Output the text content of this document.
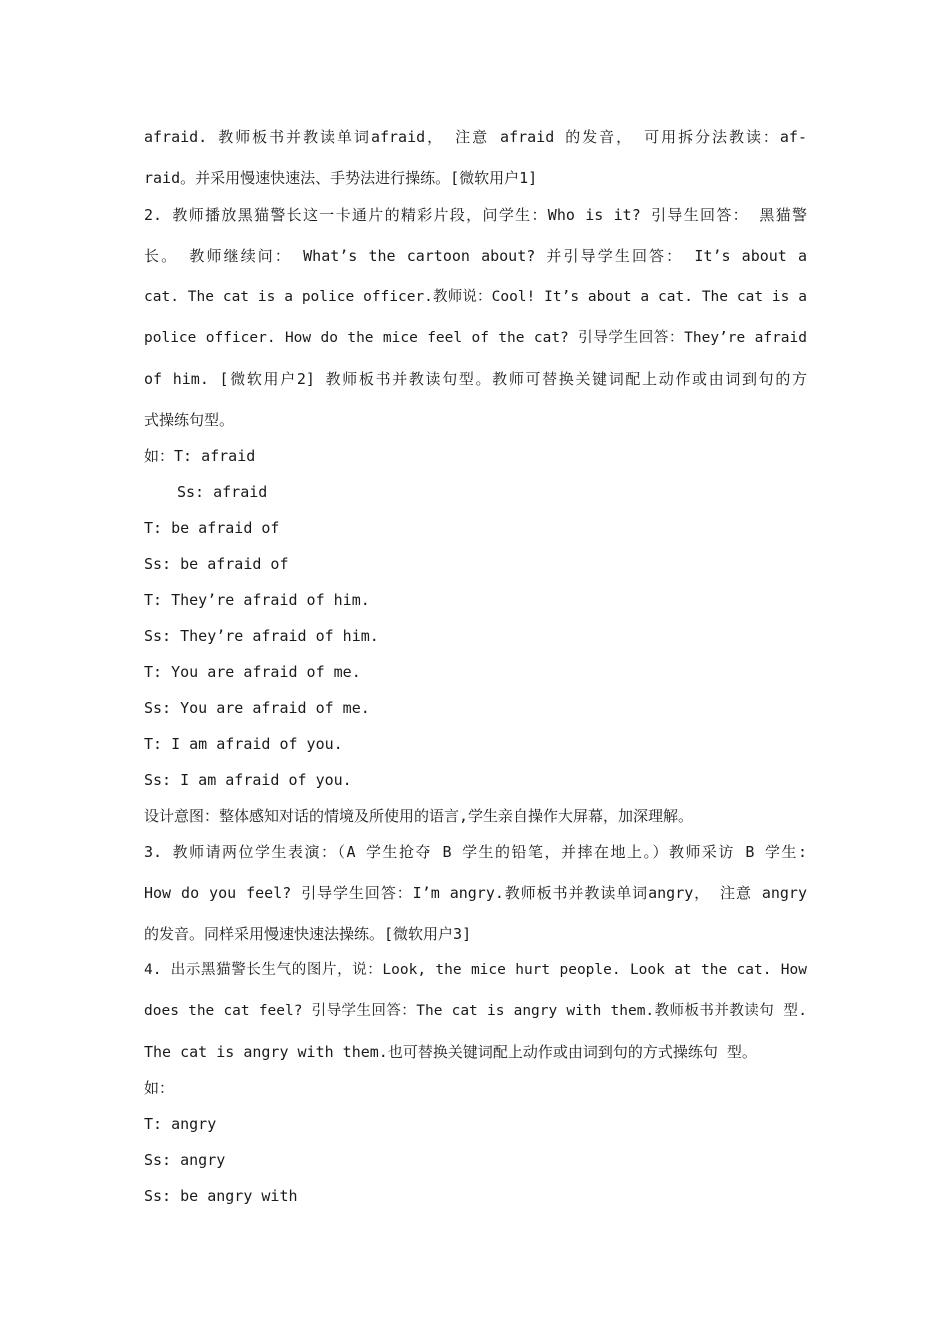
afraid. 教师板书并教读单词afraid， 注意 afraid 的发音， 可用拆分法教读：af-

raid。并采用慢速快速法、手势法进行操练。[微软用户1]

2. 教师播放黑猫警长这一卡通片的精彩片段，问学生：Who is it? 引导生回答： 黑猫警

长。 教师继续问： What’s the cartoon about? 并引导学生回答： It’s about a

cat. The cat is a police officer.教师说：Cool! It’s about a cat. The cat is a

police officer. How do the mice feel of the cat? 引导学生回答：They’re afraid

of him. [微软用户2] 教师板书并教读句型。教师可替换关键词配上动作或由词到句的方

式操练句型。

如：T: afraid

Ss: afraid

T: be afraid of

Ss: be afraid of

T: They’re afraid of him.

Ss: They’re afraid of him.

T: You are afraid of me.

Ss: You are afraid of me.

T: I am afraid of you.

Ss: I am afraid of you.

设计意图：整体感知对话的情境及所使用的语言,学生亲自操作大屏幕，加深理解。

3. 教师请两位学生表演：（A 学生抢夺 B 学生的铅笔，并摔在地上。）教师采访 B 学生:

How do you feel? 引导学生回答：I’m angry.教师板书并教读单词angry， 注意 angry

的发音。同样采用慢速快速法操练。[微软用户3]

4. 出示黑猫警长生气的图片，说：Look, the mice hurt people. Look at the cat. How

does the cat feel? 引导学生回答：The cat is angry with them.教师板书并教读句 型.

The cat is angry with them.也可替换关键词配上动作或由词到句的方式操练句 型。

如：

T: angry

Ss: angry

Ss: be angry with
